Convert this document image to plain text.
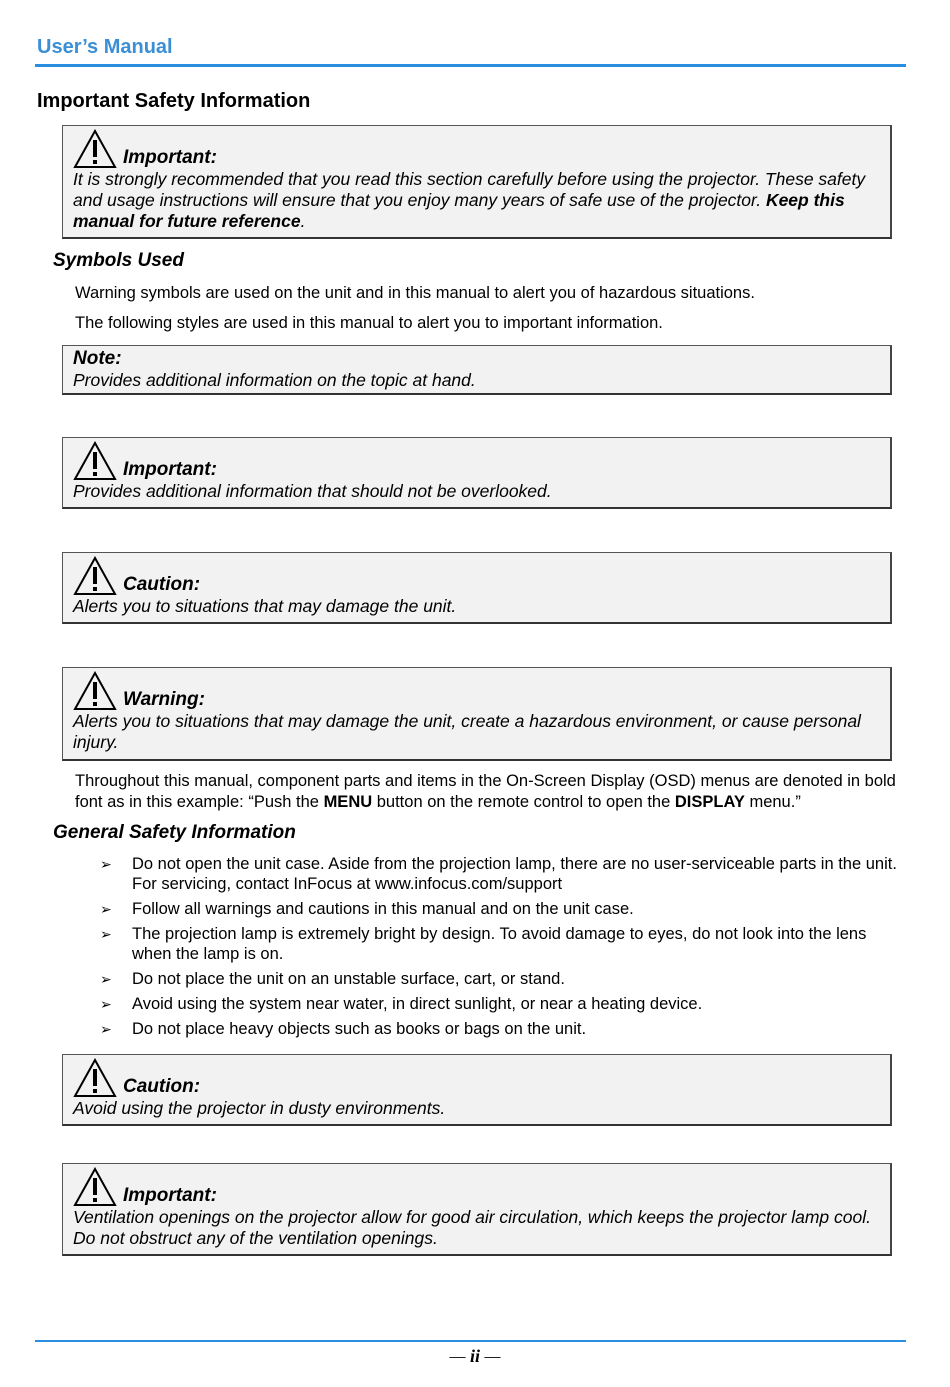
User’s Manual
Important Safety Information
Important:
It is strongly recommended that you read this section carefully before using the projector. These safety and usage instructions will ensure that you enjoy many years of safe use of the projector. Keep this manual for future reference.
Symbols Used
Warning symbols are used on the unit and in this manual to alert you of hazardous situations.
The following styles are used in this manual to alert you to important information.
Note:
Provides additional information on the topic at hand.
Important:
Provides additional information that should not be overlooked.
Caution:
Alerts you to situations that may damage the unit.
Warning:
Alerts you to situations that may damage the unit, create a hazardous environment, or cause personal injury.
Throughout this manual, component parts and items in the On-Screen Display (OSD) menus are denoted in bold font as in this example: “Push the MENU button on the remote control to open the DISPLAY menu.”
General Safety Information
➢ Do not open the unit case. Aside from the projection lamp, there are no user-serviceable parts in the unit. For servicing, contact InFocus at www.infocus.com/support
➢ Follow all warnings and cautions in this manual and on the unit case.
➢ The projection lamp is extremely bright by design. To avoid damage to eyes, do not look into the lens when the lamp is on.
➢ Do not place the unit on an unstable surface, cart, or stand.
➢ Avoid using the system near water, in direct sunlight, or near a heating device.
➢ Do not place heavy objects such as books or bags on the unit.
Caution:
Avoid using the projector in dusty environments.
Important:
Ventilation openings on the projector allow for good air circulation, which keeps the projector lamp cool. Do not obstruct any of the ventilation openings.
— ii —
